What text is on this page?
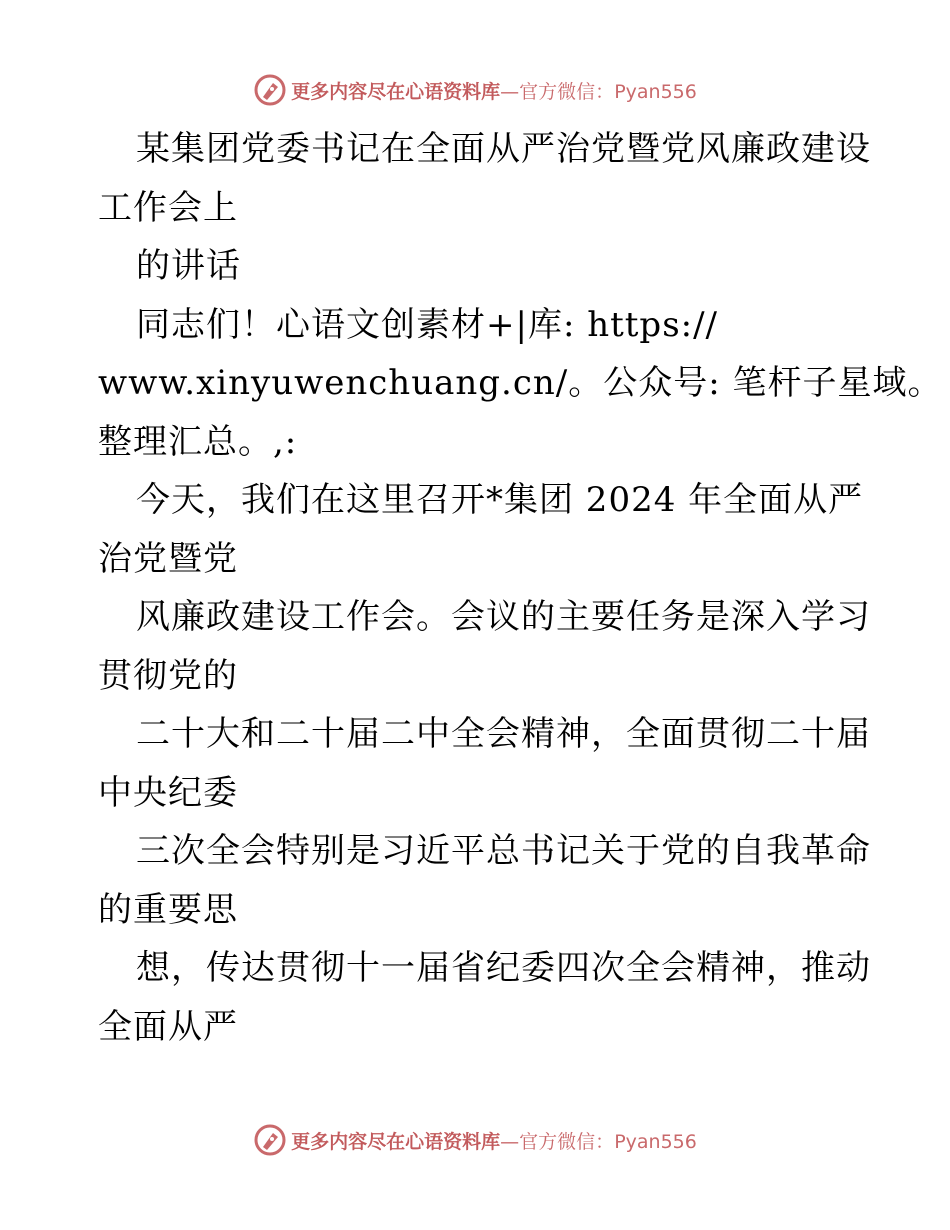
更多内容尽在心语资料库—官方微信：Pyan556
某集团党委书记在全面从严治党暨党风廉政建设
工作会上
的讲话
同志们！心语文创素材+|库: https://
www.xinyuwenchuang.cn/。公众号: 笔杆子星域。
整理汇总。,:
今天，我们在这里召开*集团 2024 年全面从严
治党暨党
风廉政建设工作会。会议的主要任务是深入学习
贯彻党的
二十大和二十届二中全会精神，全面贯彻二十届
中央纪委
三次全会特别是习近平总书记关于党的自我革命
的重要思
想，传达贯彻十一届省纪委四次全会精神，推动
全面从严
更多内容尽在心语资料库—官方微信：Pyan556
